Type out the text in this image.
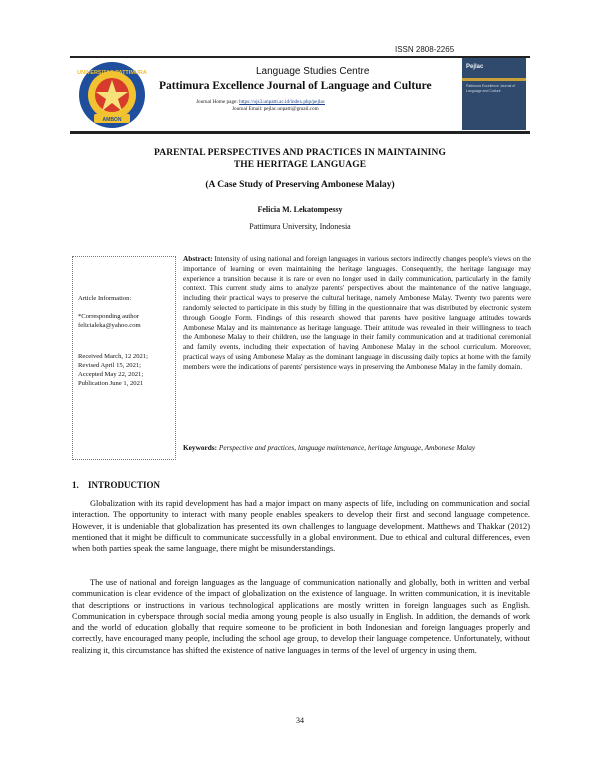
ISSN 2808-2265
UNIVERSITAS PATTIMURA
AMBON
Language Studies Centre
Pattimura Excellence Journal of Language and Culture
Journal Home page: https://ojs3.unpatti.ac.id/index.php/pejlac
Journal Email: pejlac.unpatti@gmail.com
Pejlac
Pattimura Excellence Journal of Language and Culture
PARENTAL PERSPECTIVES AND PRACTICES IN MAINTAINING
THE HERITAGE LANGUAGE
(A Case Study of Preserving Ambonese Malay)
Felicia M. Lekatompessy
Pattimura University, Indonesia
Article Information:
*Corresponding author
felicialeka@yahoo.com
Received March, 12 2021;
Revised April 15, 2021;
Accepted May 22, 2021;
Publication June 1, 2021
Abstract: Intensity of using national and foreign languages in various sectors indirectly changes people's views on the importance of learning or even maintaining the heritage languages. Consequently, the heritage language may experience a transition because it is rare or even no longer used in daily communication, particularly in the family context. This current study aims to analyze parents' perspectives about the maintenance of the native language, including their practical ways to preserve the cultural heritage, namely Ambonese Malay. Twenty two parents were randomly selected to participate in this study by filling in the questionnaire that was distributed by electronic system through Google Form. Findings of this research showed that parents have positive language attitudes towards Ambonese Malay and its maintenance as heritage language. Their attitude was revealed in their willingness to teach the Ambonese Malay to their children, use the language in their family communication and at traditional ceremonial and family events, including their expectation of having Ambonese Malay in the school curriculum. Moreover, practical ways of using Ambonese Malay as the dominant language in discussing daily topics at home with the family members were the indications of parents' persistence ways in preserving the Ambonese Malay in the family domain.
Keywords: Perspective and practices, language maintenance, heritage language, Ambonese Malay
1. INTRODUCTION

Globalization with its rapid development has had a major impact on many aspects of life, including on communication and social interaction. The opportunity to interact with many people enables speakers to develop their first and second language competence. However, it is undeniable that globalization has presented its own challenges to language development. Matthews and Thakkar (2012) mentioned that it might be difficult to communicate successfully in a global environment. Due to ethical and cultural differences, even when both parties speak the same language, there might be misunderstandings.

The use of national and foreign languages as the language of communication nationally and globally, both in written and verbal communication is clear evidence of the impact of globalization on the existence of language. In written communication, it is inevitable that descriptions or instructions in various technological applications are mostly written in foreign languages such as English. Communication in cyberspace through social media among young people is also usually in English. In addition, the demands of work and the world of education globally that require someone to be proficient in both Indonesian and foreign languages properly and correctly, have encouraged many people, including the school age group, to develop their language competence. Unfortunately, without realizing it, this circumstance has shifted the existence of native languages in terms of the level of urgency in using them.

34
